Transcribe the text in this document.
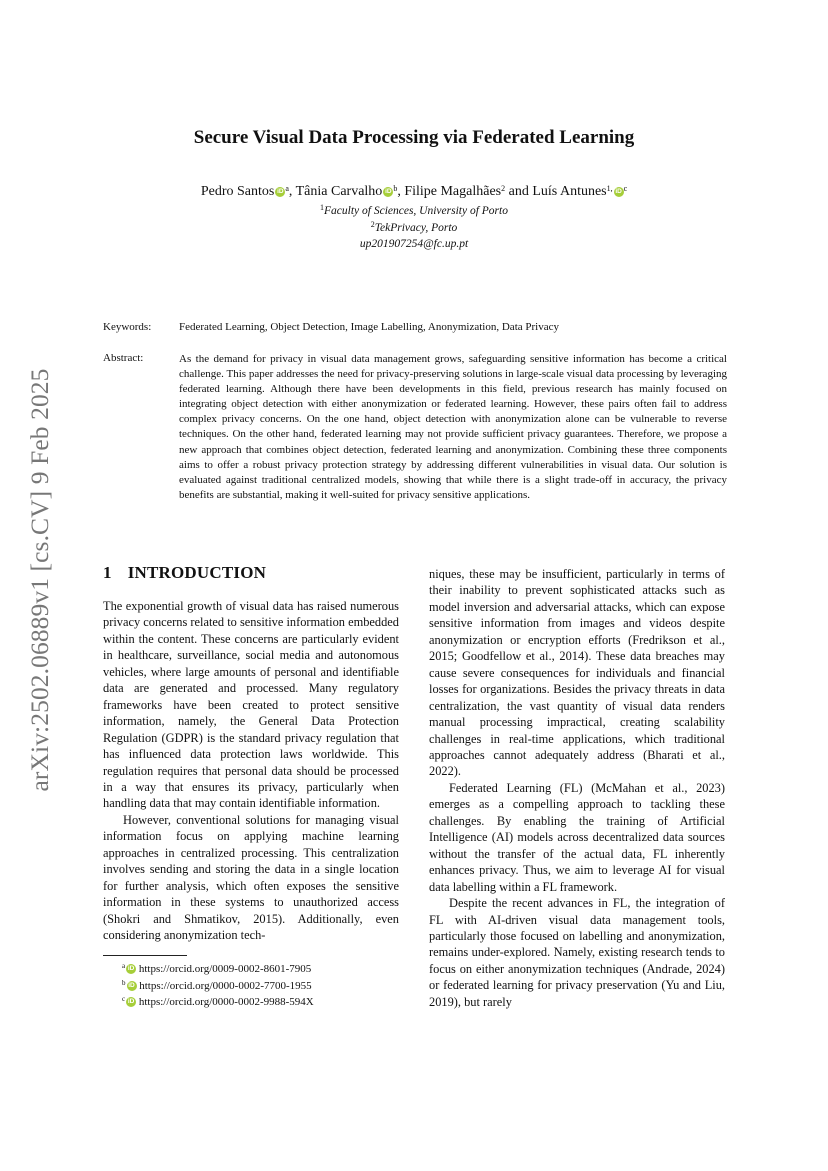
arXiv:2502.06889v1 [cs.CV] 9 Feb 2025
Secure Visual Data Processing via Federated Learning
Pedro Santos iD $^a$, Tânia Carvalho iD $^b$, Filipe Magalhães$^2$ and Luís Antunes$^{1,}$ iD $^c$
$^1$Faculty of Sciences, University of Porto
$^2$TekPrivacy, Porto
up201907254@fc.up.pt
Keywords:	Federated Learning, Object Detection, Image Labelling, Anonymization, Data Privacy
Abstract:	As the demand for privacy in visual data management grows, safeguarding sensitive information has become a critical challenge. This paper addresses the need for privacy-preserving solutions in large-scale visual data processing by leveraging federated learning. Although there have been developments in this field, previous research has mainly focused on integrating object detection with either anonymization or federated learning. However, these pairs often fail to address complex privacy concerns. On the one hand, object detection with anonymization alone can be vulnerable to reverse techniques. On the other hand, federated learning may not provide sufficient privacy guarantees. Therefore, we propose a new approach that combines object detection, federated learning and anonymization. Combining these three components aims to offer a robust privacy protection strategy by addressing different vulnerabilities in visual data. Our solution is evaluated against traditional centralized models, showing that while there is a slight trade-off in accuracy, the privacy benefits are substantial, making it well-suited for privacy sensitive applications.
1 INTRODUCTION

The exponential growth of visual data has raised numerous privacy concerns related to sensitive information embedded within the content. These concerns are particularly evident in healthcare, surveillance, social media and autonomous vehicles, where large amounts of personal and identifiable data are generated and processed. Many regulatory frameworks have been created to protect sensitive information, namely, the General Data Protection Regulation (GDPR) is the standard privacy regulation that has influenced data protection laws worldwide. This regulation requires that personal data should be processed in a way that ensures its privacy, particularly when handling data that may contain identifiable information.

However, conventional solutions for managing visual information focus on applying machine learning approaches in centralized processing. This centralization involves sending and storing the data in a single location for further analysis, which often exposes the sensitive information in these systems to unauthorized access (Shokri and Shmatikov, 2015). Additionally, even considering anonymization tech-

niques, these may be insufficient, particularly in terms of their inability to prevent sophisticated attacks such as model inversion and adversarial attacks, which can expose sensitive information from images and videos despite anonymization or encryption efforts (Fredrikson et al., 2015; Goodfellow et al., 2014). These data breaches may cause severe consequences for individuals and financial losses for organizations. Besides the privacy threats in data centralization, the vast quantity of visual data renders manual processing impractical, creating scalability challenges in real-time applications, which traditional approaches cannot adequately address (Bharati et al., 2022).

Federated Learning (FL) (McMahan et al., 2023) emerges as a compelling approach to tackling these challenges. By enabling the training of Artificial Intelligence (AI) models across decentralized data sources without the transfer of the actual data, FL inherently enhances privacy. Thus, we aim to leverage AI for visual data labelling within a FL framework.

Despite the recent advances in FL, the integration of FL with AI-driven visual data management tools, particularly those focused on labelling and anonymization, remains under-explored. Namely, existing research tends to focus on either anonymization techniques (Andrade, 2024) or federated learning for privacy preservation (Yu and Liu, 2019), but rarely

$^a$ iD https://orcid.org/0009-0002-8601-7905
$^b$ iD https://orcid.org/0000-0002-7700-1955
$^c$ iD https://orcid.org/0000-0002-9988-594X
